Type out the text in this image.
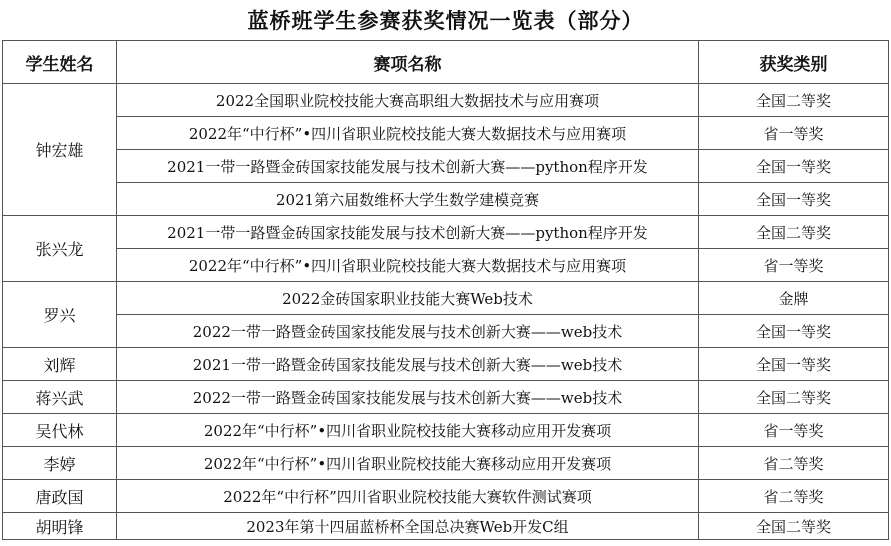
蓝桥班学生参赛获奖情况一览表（部分）
学生姓名	赛项名称	获奖类别
钟宏雄	2022全国职业院校技能大赛高职组大数据技术与应用赛项	全国二等奖
	2022年“中行杯”•四川省职业院校技能大赛大数据技术与应用赛项	省一等奖
	2021一带一路暨金砖国家技能发展与技术创新大赛——python程序开发	全国一等奖
	2021第六届数维杯大学生数学建模竞赛	全国一等奖
张兴龙	2021一带一路暨金砖国家技能发展与技术创新大赛——python程序开发	全国二等奖
	2022年“中行杯”•四川省职业院校技能大赛大数据技术与应用赛项	省一等奖
罗兴	2022金砖国家职业技能大赛Web技术	金牌
	2022一带一路暨金砖国家技能发展与技术创新大赛——web技术	全国一等奖
刘辉	2021一带一路暨金砖国家技能发展与技术创新大赛——web技术	全国一等奖
蒋兴武	2022一带一路暨金砖国家技能发展与技术创新大赛——web技术	全国二等奖
吴代林	2022年“中行杯”•四川省职业院校技能大赛移动应用开发赛项	省一等奖
李婷	2022年“中行杯”•四川省职业院校技能大赛移动应用开发赛项	省二等奖
唐政国	2022年“中行杯”四川省职业院校技能大赛软件测试赛项	省二等奖
胡明锋	2023年第十四届蓝桥杯全国总决赛Web开发C组	全国二等奖
